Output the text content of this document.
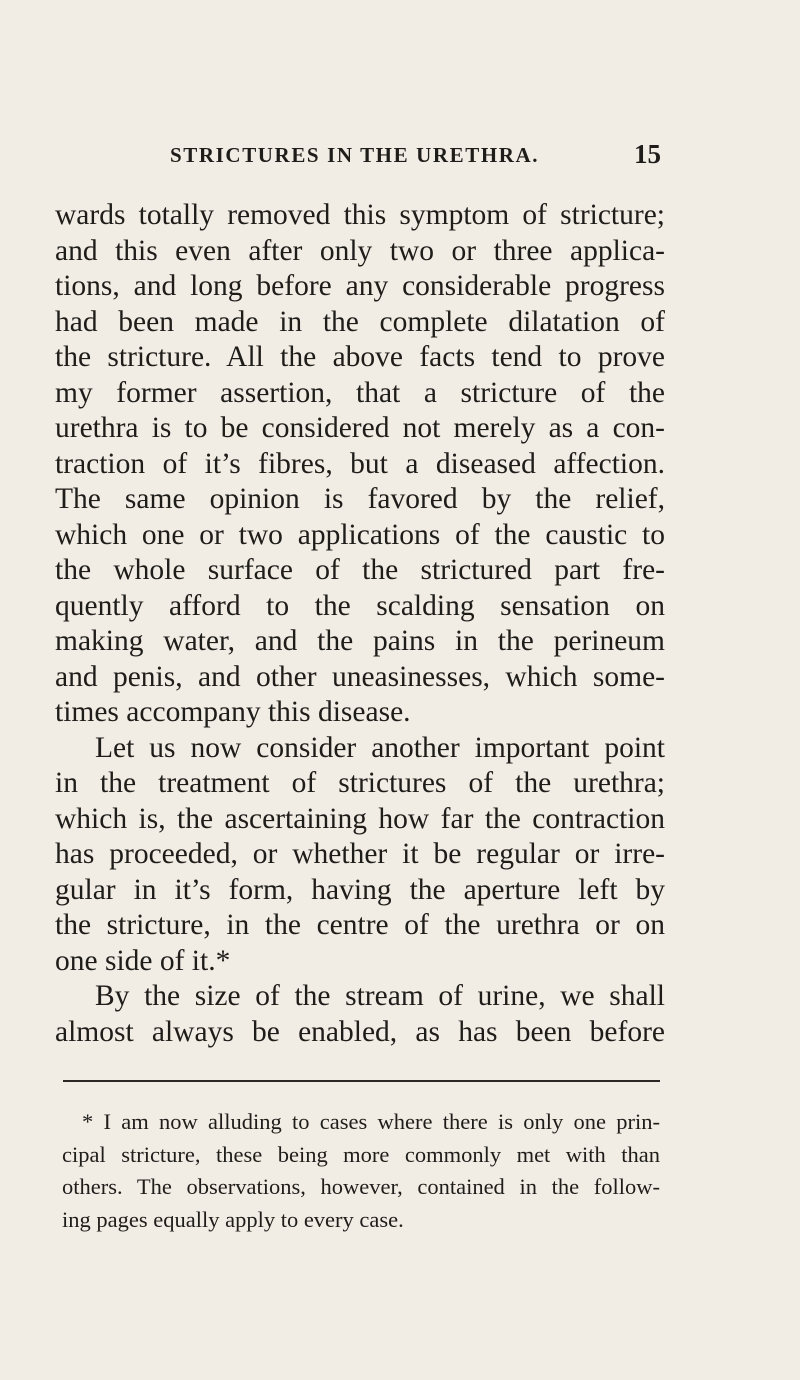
STRICTURES IN THE URETHRA.	15
wards totally removed this symptom of stricture;
and this even after only two or three applica-
tions, and long before any considerable progress
had been made in the complete dilatation of
the stricture. All the above facts tend to prove
my former assertion, that a stricture of the
urethra is to be considered not merely as a con-
traction of it’s fibres, but a diseased affection.
The same opinion is favored by the relief,
which one or two applications of the caustic to
the whole surface of the strictured part fre-
quently afford to the scalding sensation on
making water, and the pains in the perineum
and penis, and other uneasinesses, which some-
times accompany this disease.
Let us now consider another important point
in the treatment of strictures of the urethra;
which is, the ascertaining how far the contraction
has proceeded, or whether it be regular or irre-
gular in it’s form, having the aperture left by
the stricture, in the centre of the urethra or on
one side of it.*
By the size of the stream of urine, we shall
almost always be enabled, as has been before
* I am now alluding to cases where there is only one prin-
cipal stricture, these being more commonly met with than
others. The observations, however, contained in the follow-
ing pages equally apply to every case.
